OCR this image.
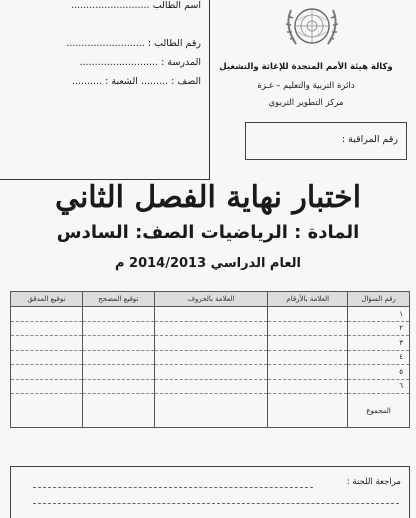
اسم الطالب ..........................
رقم الطالب : ..........................
المدرسة : ..........................
الصف : ......... الشعبة : ..........
وكالة هيئة الأمم المتحدة للإغاثة والتشغيل
دائرة التربية والتعليم – غـزة
مركز التطوير التربوي
رقم المراقبة :
اختبار نهاية الفصل الثاني
المادة : الرياضيات الصف: السادس
العام الدراسي 2014/2013 م
رقم السؤال	العلامة بالأرقام	العلامة بالحروف	توقيع المصحح	توقيع المدقق
١				
٢				
٣				
٤				
٥				
٦				
المجموع				
مراجعة اللجنة :
